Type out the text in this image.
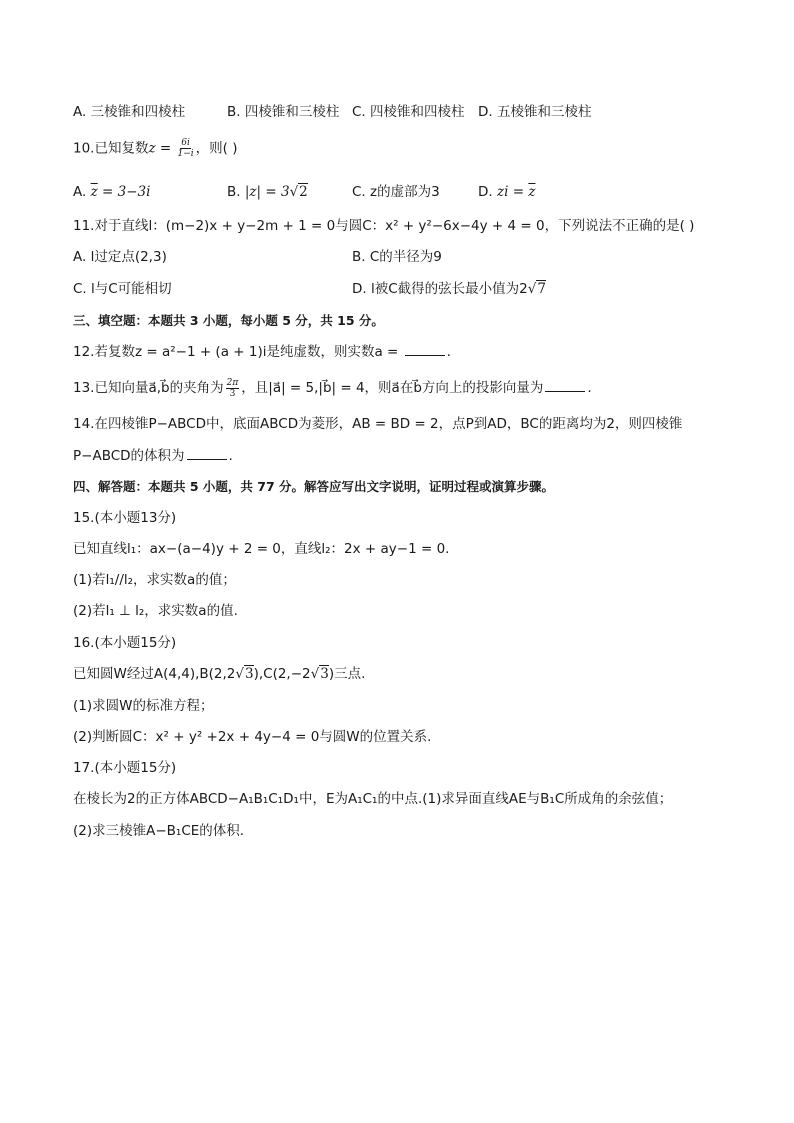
A. 三棱锥和四棱柱	B. 四棱锥和三棱柱 C. 四棱锥和四棱柱 D. 五棱锥和三棱柱
10.已知复数$z = \frac{6i}{1-i}$ ，则( )
A. $\overline{z} = 3-3i$	B. |z| = 3√2	C. z的虚部为3	D. zi = $\overline{z}$
11.对于直线l：(m−2)x + y−2m + 1 = 0与圆C：x² + y²−6x−4y + 4 = 0，下列说法不正确的是( )
A. l过定点(2,3)	B. C的半径为9
C. l与C可能相切	D. l被C截得的弦长最小值为2√7
三、填空题：本题共 3 小题，每小题 5 分，共 15 分。
12.若复数z = a²−1 + (a + 1)i是纯虚数，则实数a =	.
13.已知向量a⃗,b⃗的夹角为 $\frac{2\pi}{3}$ ，且|a⃗| = 5,|b⃗| = 4，则a⃗在b⃗方向上的投影向量为	.
14.在四棱锥P−ABCD中，底面ABCD为菱形，AB = BD = 2，点P到AD，BC的距离均为2，则四棱锥
P−ABCD的体积为	.
四、解答题：本题共 5 小题，共 77 分。解答应写出文字说明，证明过程或演算步骤。
15.(本小题13分)
已知直线l₁：ax−(a−4)y + 2 = 0，直线l₂：2x + ay−1 = 0.
(1)若l₁//l₂，求实数a的值；
(2)若l₁ ⊥ l₂，求实数a的值.
16.(本小题15分)
已知圆W经过A(4,4),B(2,2√3),C(2,−2√3)三点.
(1)求圆W的标准方程；
(2)判断圆C：x² + y² +2x + 4y−4 = 0与圆W的位置关系.
17.(本小题15分)
在棱长为2的正方体ABCD−A₁B₁C₁D₁中，E为A₁C₁的中点.(1)求异面直线AE与B₁C所成角的余弦值；
(2)求三棱锥A−B₁CE的体积.
